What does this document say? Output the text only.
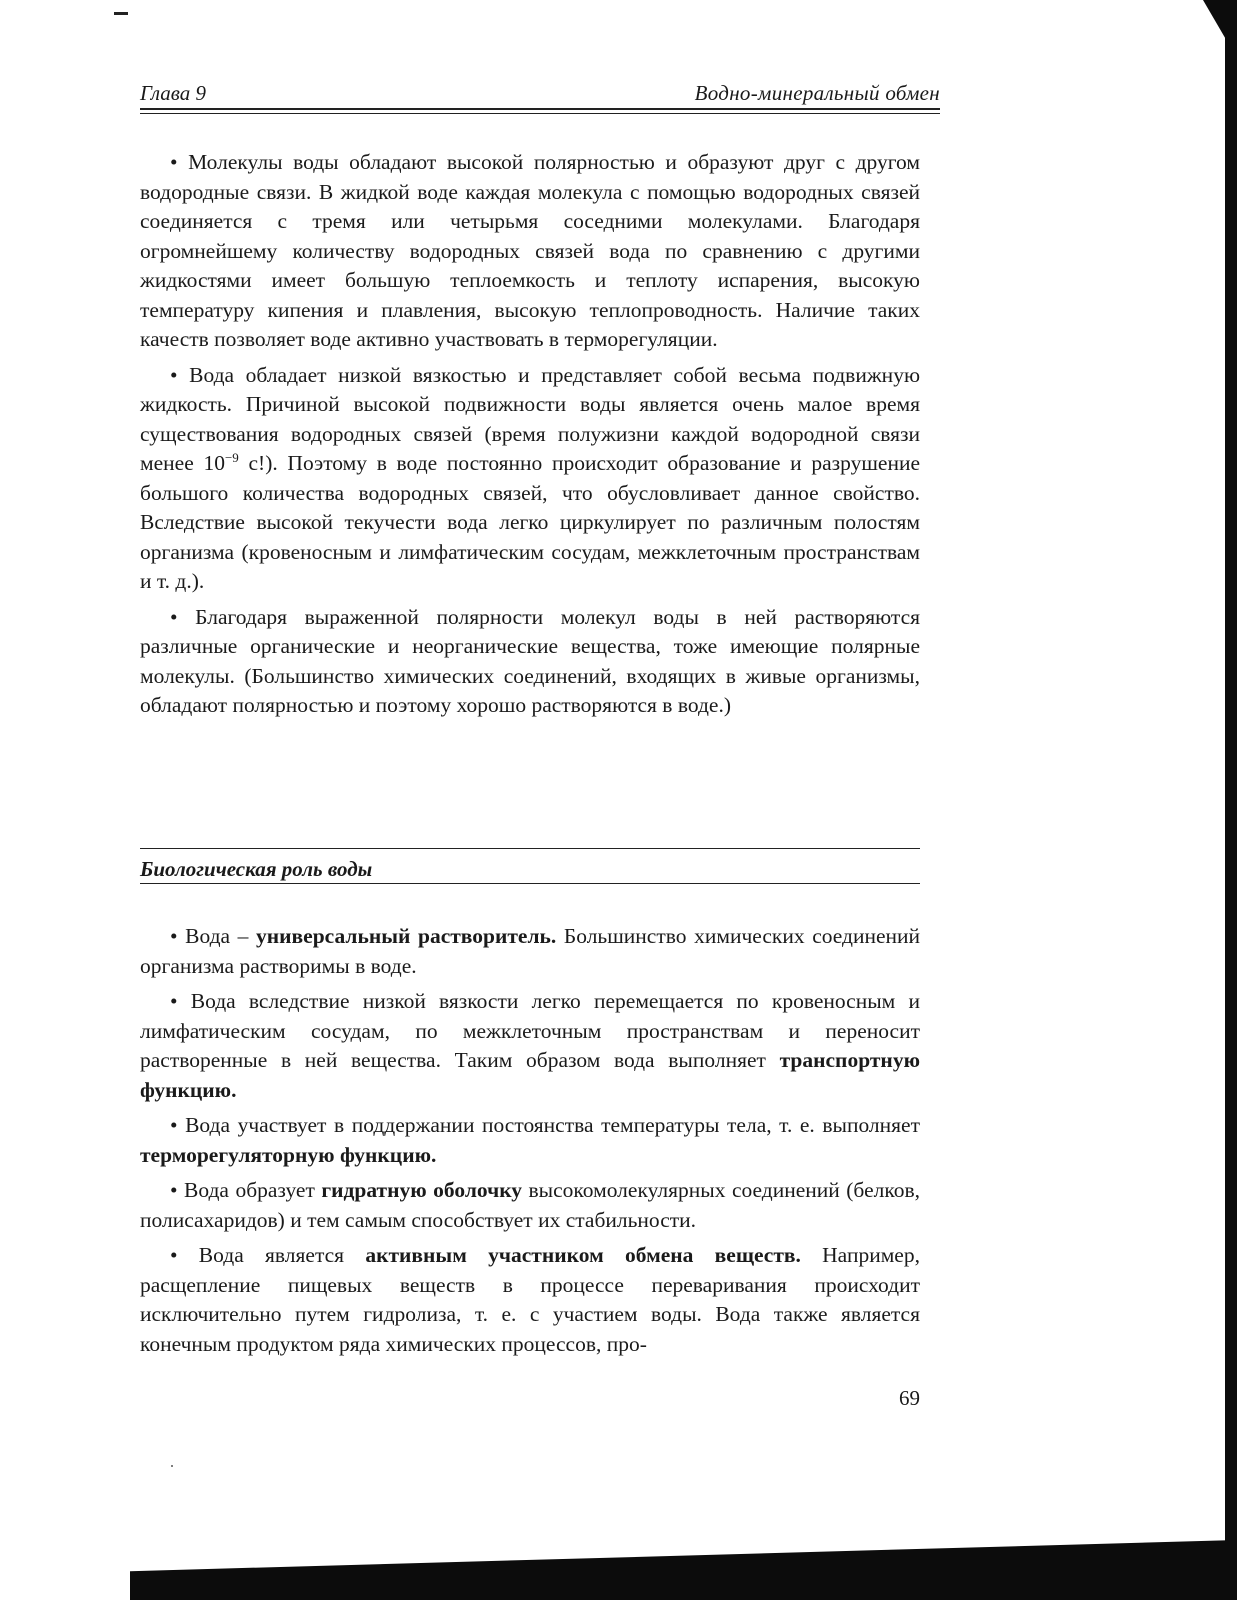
Глава 9	Водно-минеральный обмен

• Молекулы воды обладают высокой полярностью и образуют друг с другом водородные связи. В жидкой воде каждая молекула с помощью водородных связей соединяется с тремя или четырьмя соседними молекулами. Благодаря огромнейшему количеству водородных связей вода по сравнению с другими жидкостями имеет большую теплоемкость и теплоту испарения, высокую температуру кипения и плавления, высокую теплопроводность. Наличие таких качеств позволяет воде активно участвовать в терморегуляции.

• Вода обладает низкой вязкостью и представляет собой весьма подвижную жидкость. Причиной высокой подвижности воды является очень малое время существования водородных связей (время полужизни каждой водородной связи менее $10^{-9}$ с!). Поэтому в воде постоянно происходит образование и разрушение большого количества водородных связей, что обусловливает данное свойство. Вследствие высокой текучести вода легко циркулирует по различным полостям организма (кровеносным и лимфатическим сосудам, межклеточным пространствам и т. д.).

• Благодаря выраженной полярности молекул воды в ней растворяются различные органические и неорганические вещества, тоже имеющие полярные молекулы. (Большинство химических соединений, входящих в живые организмы, обладают полярностью и поэтому хорошо растворяются в воде.)

Биологическая роль воды

• Вода – универсальный растворитель. Большинство химических соединений организма растворимы в воде.

• Вода вследствие низкой вязкости легко перемещается по кровеносным и лимфатическим сосудам, по межклеточным пространствам и переносит растворенные в ней вещества. Таким образом вода выполняет транспортную функцию.

• Вода участвует в поддержании постоянства температуры тела, т. е. выполняет терморегуляторную функцию.

• Вода образует гидратную оболочку высокомолекулярных соединений (белков, полисахаридов) и тем самым способствует их стабильности.

• Вода является активным участником обмена веществ. Например, расщепление пищевых веществ в процессе переваривания происходит исключительно путем гидролиза, т. е. с участием воды. Вода также является конечным продуктом ряда химических процессов, про-

69
